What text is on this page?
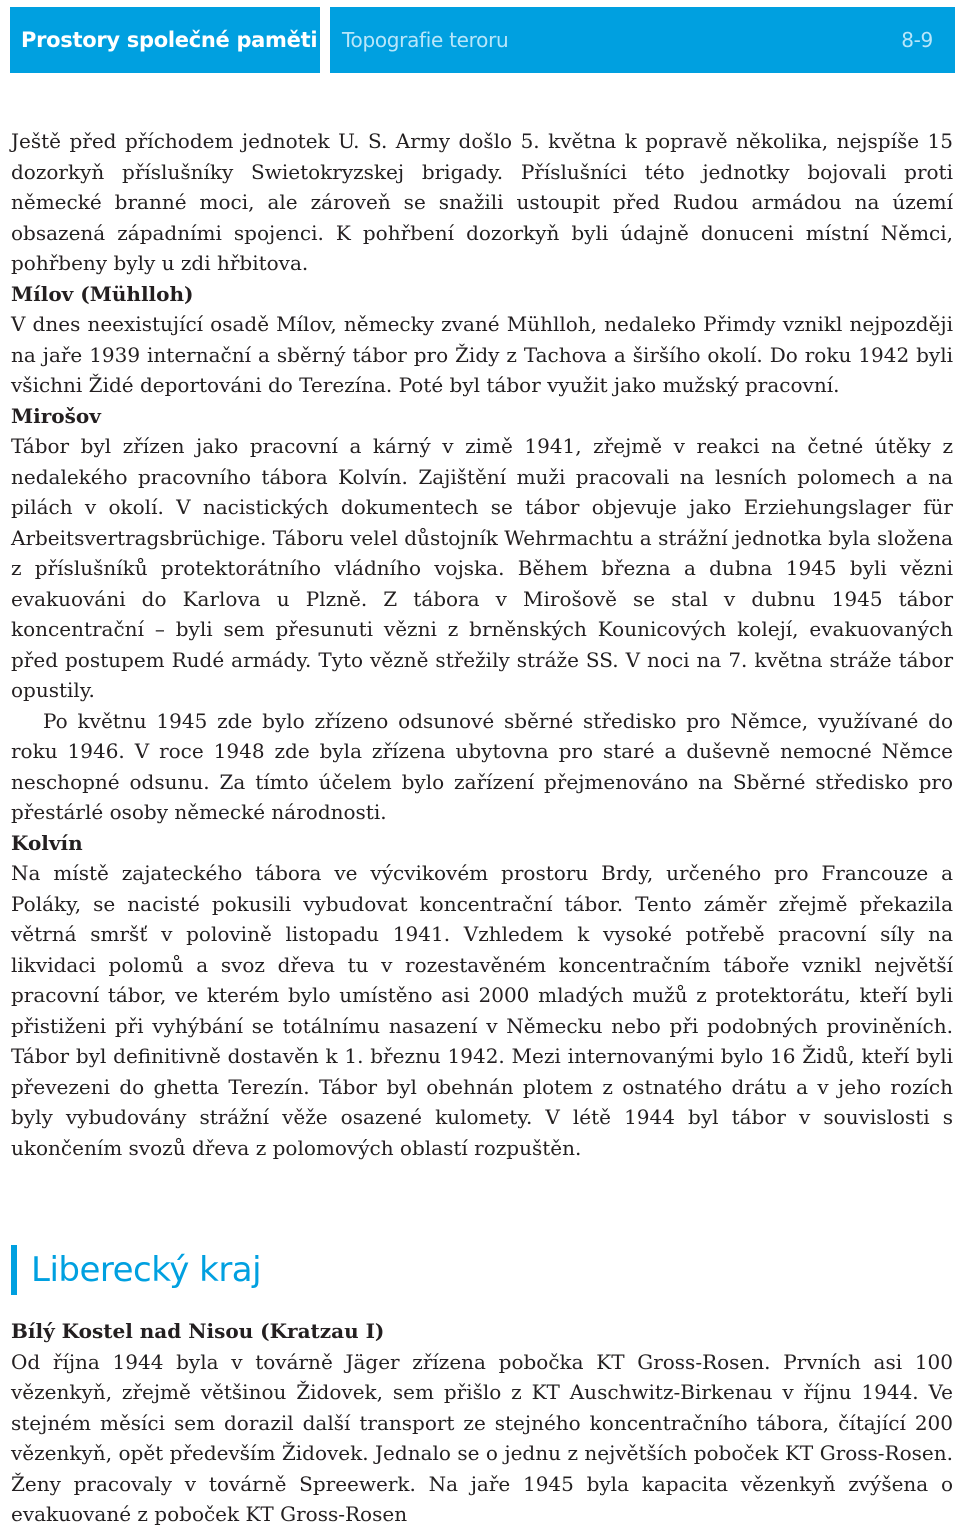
Prostory společné paměti Topografie teroru	8-9

Ještě před příchodem jednotek U. S. Army došlo 5. května k popravě několika, nejspíše 15 dozorkyň příslušníky Swietokryzskej brigady. Příslušníci této jednotky bojovali proti německé branné moci, ale zároveň se snažili ustoupit před Rudou armádou na území obsazená západními spojenci. K pohřbení dozorkyň byli údajně donuceni místní Němci, pohřbeny byly u zdi hřbitova.

Mílov (Mühlloh)

V dnes neexistující osadě Mílov, německy zvané Mühlloh, nedaleko Přimdy vznikl nejpozději na jaře 1939 internační a sběrný tábor pro Židy z Tachova a širšího okolí. Do roku 1942 byli všichni Židé deportováni do Terezína. Poté byl tábor využit jako mužský pracovní.

Mirošov

Tábor byl zřízen jako pracovní a kárný v zimě 1941, zřejmě v reakci na četné útěky z nedalekého pracovního tábora Kolvín. Zajištění muži pracovali na lesních polomech a na pilách v okolí. V nacistických dokumentech se tábor objevuje jako Erziehungslager für Arbeitsvertragsbrüchige. Táboru velel důstojník Wehrmachtu a strážní jednotka byla složena z příslušníků protektorátního vládního vojska. Během března a dubna 1945 byli vězni evakuováni do Karlova u Plzně. Z tábora v Mirošově se stal v dubnu 1945 tábor koncentrační – byli sem přesunuti vězni z brněnských Kounicových kolejí, evakuovaných před postupem Rudé armády. Tyto vězně střežily stráže SS. V noci na 7. května stráže tábor opustily.

Po květnu 1945 zde bylo zřízeno odsunové sběrné středisko pro Němce, využívané do roku 1946. V roce 1948 zde byla zřízena ubytovna pro staré a duševně nemocné Němce neschopné odsunu. Za tímto účelem bylo zařízení přejmenováno na Sběrné středisko pro přestárlé osoby německé národnosti.

Kolvín

Na místě zajateckého tábora ve výcvikovém prostoru Brdy, určeného pro Francouze a Poláky, se nacisté pokusili vybudovat koncentrační tábor. Tento záměr zřejmě překazila větrná smršť v polovině listopadu 1941. Vzhledem k vysoké potřebě pracovní síly na likvidaci polomů a svoz dřeva tu v rozestavěném koncentračním táboře vznikl největší pracovní tábor, ve kterém bylo umístěno asi 2000 mladých mužů z protektorátu, kteří byli přistiženi při vyhýbání se totálnímu nasazení v Německu nebo při podobných proviněních. Tábor byl definitivně dostavěn k 1. březnu 1942. Mezi internovanými bylo 16 Židů, kteří byli převezeni do ghetta Terezín. Tábor byl obehnán plotem z ostnatého drátu a v jeho rozích byly vybudovány strážní věže osazené kulomety. V létě 1944 byl tábor v souvislosti s ukončením svozů dřeva z polomových oblastí rozpuštěn.

Liberecký kraj
Bílý Kostel nad Nisou (Kratzau I)

Od října 1944 byla v továrně Jäger zřízena pobočka KT Gross-Rosen. Prvních asi 100 vězenkyň, zřejmě většinou Židovek, sem přišlo z KT Auschwitz-Birkenau v říjnu 1944. Ve stejném měsíci sem dorazil další transport ze stejného koncentračního tábora, čítající 200 vězenkyň, opět především Židovek. Jednalo se o jednu z největších poboček KT Gross-Rosen. Ženy pracovaly v továrně Spreewerk. Na jaře 1945 byla kapacita vězenkyň zvýšena o evakuované z poboček KT Gross-Rosen
